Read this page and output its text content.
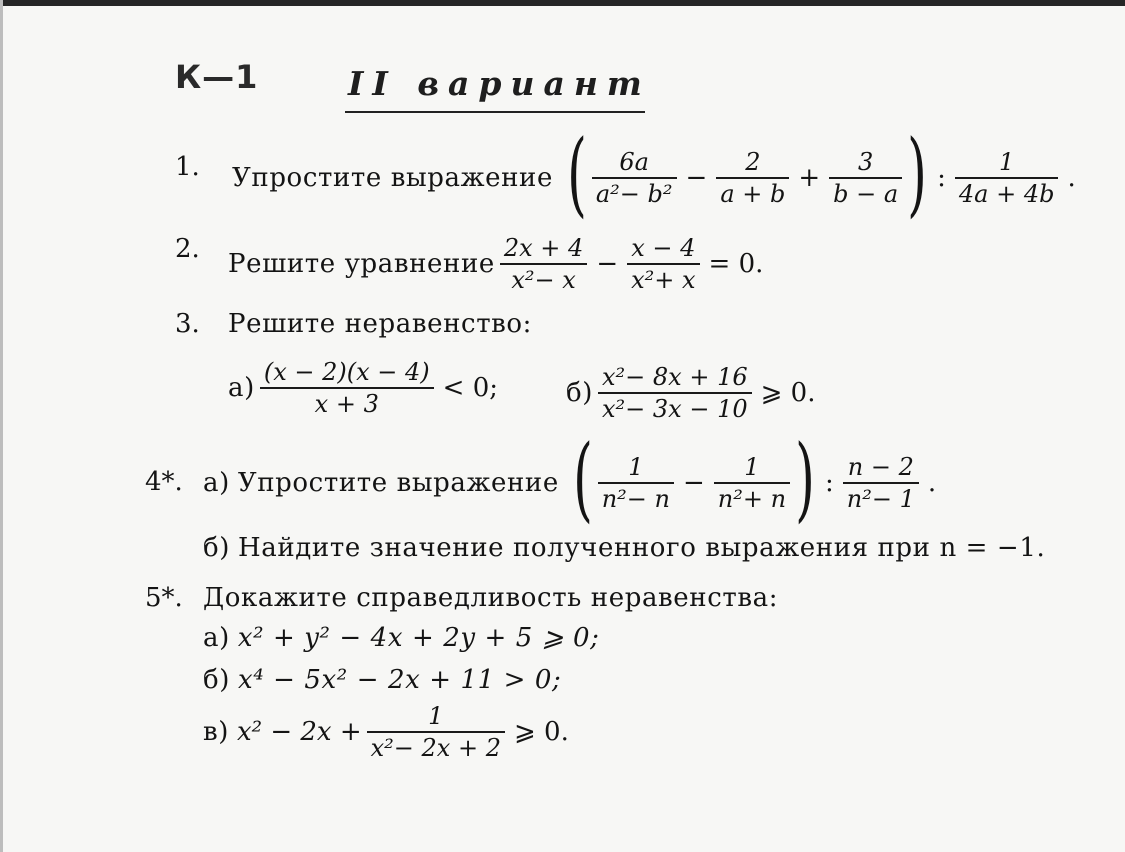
К—1	II вариант
1. Упростите выражение ( $\frac{6a}{\text{a²− b²}} - \frac{2}{a + b} + \frac{3}{b - a}$ ) : $\frac{1}{4a + 4b}$ .
2. Решите уравнение $\frac{2x + 4}{\text{x²− x}} - \frac{x - 4}{\text{x²+ x}} = 0$.
3. Решите неравенство:
$а) \frac{(x - 2)(x - 4)}{x + 3} < 0$;	$б) \frac{\text{x²− 8x + 16}}{\text{x²− 3x − 10}}$ ⩾ 0.
4*. а) Упростите выражение ( $\frac{1}{\text{n²− n}} - \frac{1}{\text{n²+ n}}$ ) : $\frac{n - 2}{\text{n²− 1}}$ .
б) Найдите значение полученного выражения при n = −1.
5*. Докажите справедливость неравенства:
а) x² + y² − 4x + 2y + 5 ⩾ 0;
б) x⁴ − 5x² − 2x + 11 > 0;
в) $x^2 - 2x + \frac{1}{\text{x²− 2x + 2}}$ ⩾ 0.
